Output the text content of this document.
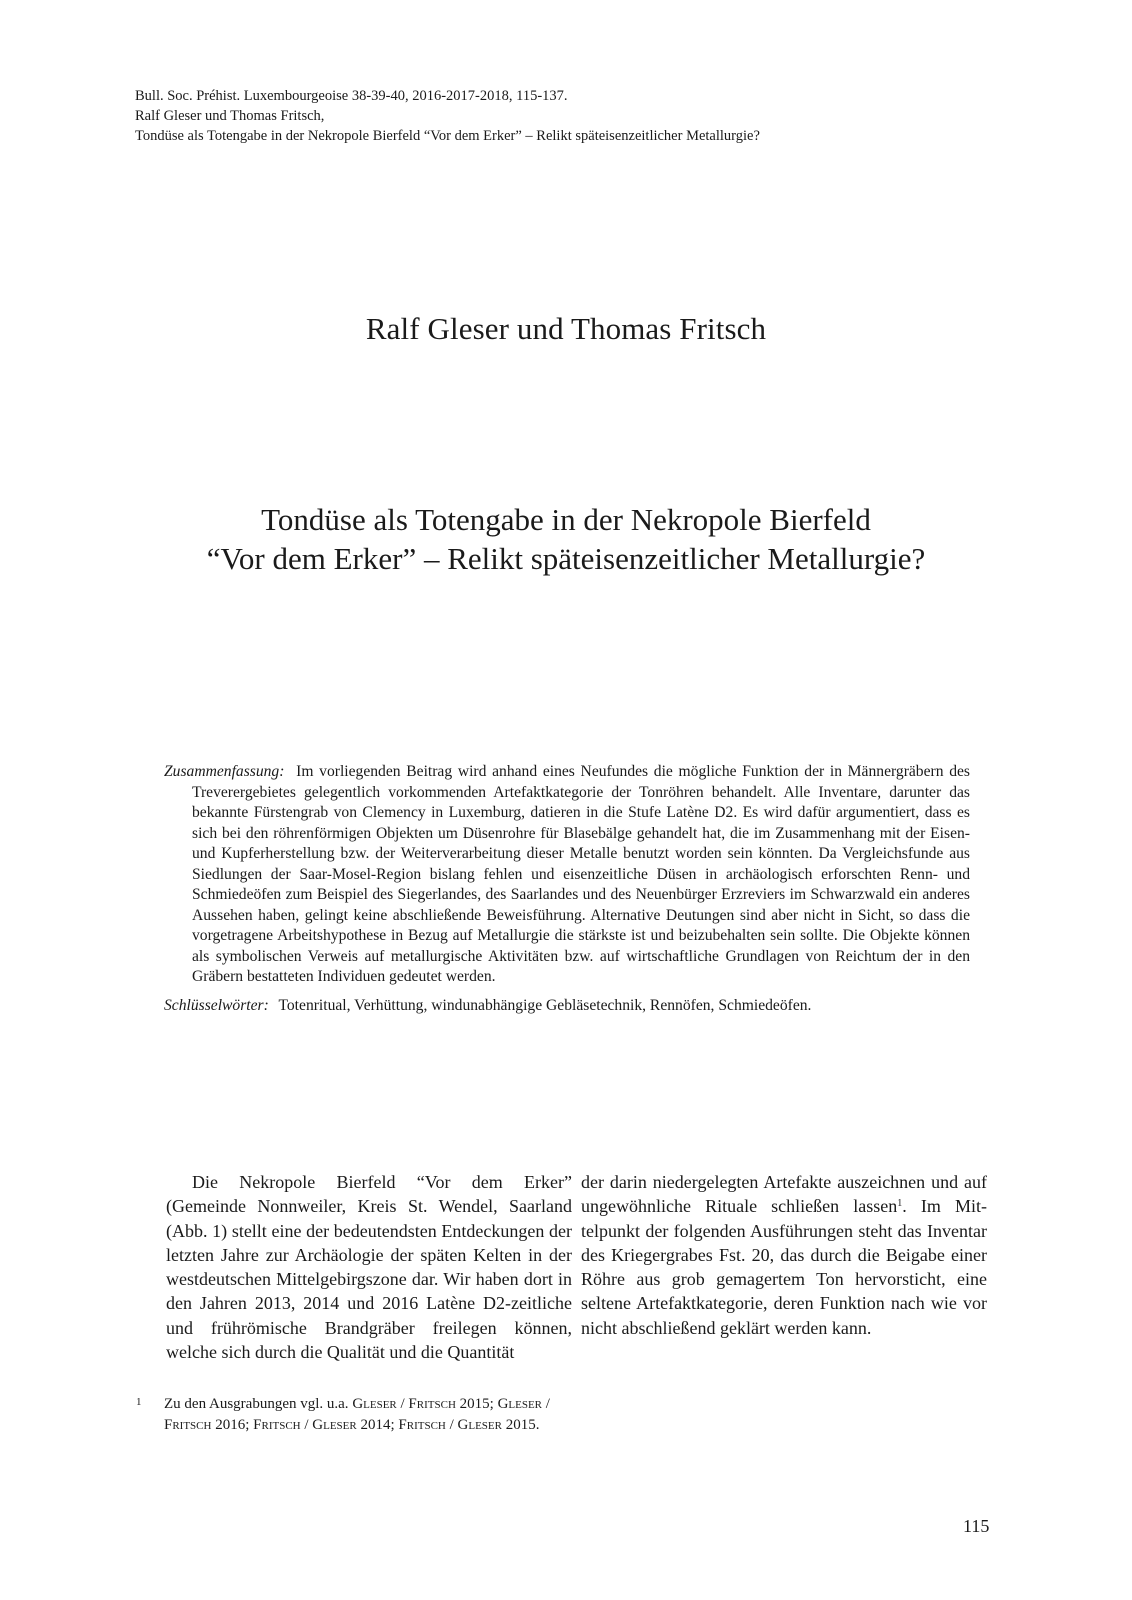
Bull. Soc. Préhist. Luxembourgeoise 38-39-40, 2016-2017-2018, 115-137.
Ralf Gleser und Thomas Fritsch,
Tondüse als Totengabe in der Nekropole Bierfeld “Vor dem Erker” – Relikt späteisenzeitlicher Metallurgie?
Ralf Gleser und Thomas Fritsch
Tondüse als Totengabe in der Nekropole Bierfeld
“Vor dem Erker” – Relikt späteisenzeitlicher Metallurgie?
Zusammenfassung: Im vorliegenden Beitrag wird anhand eines Neufundes die mögliche Funktion der in Männergräbern des Treverergebietes gelegentlich vorkommenden Artefaktkategorie der Tonröhren behandelt. Alle Inventare, darunter das bekannte Fürstengrab von Clemency in Luxemburg, datieren in die Stufe Latène D2. Es wird dafür argumentiert, dass es sich bei den röhrenförmigen Objekten um Düsenrohre für Blasebälge gehandelt hat, die im Zusammenhang mit der Eisen- und Kupferherstellung bzw. der Weiterverarbeitung dieser Metalle benutzt worden sein könnten. Da Vergleichsfunde aus Siedlungen der Saar-Mosel-Region bislang fehlen und eisenzeitliche Düsen in archäologisch erforschten Renn- und Schmiedeöfen zum Beispiel des Siegerlandes, des Saarlandes und des Neuenbürger Erzreviers im Schwarzwald ein anderes Aussehen haben, gelingt keine abschließende Beweisführung. Alternative Deutungen sind aber nicht in Sicht, so dass die vorgetragene Arbeitshypothese in Bezug auf Metallurgie die stärkste ist und beizubehalten sein sollte. Die Objekte können als symbolischen Verweis auf metallurgische Aktivitäten bzw. auf wirtschaftliche Grundlagen von Reichtum der in den Gräbern bestatteten Individuen gedeutet werden.
Schlüsselwörter: Totenritual, Verhüttung, windunabhängige Gebläsetechnik, Rennöfen, Schmiedeöfen.
Die Nekropole Bierfeld “Vor dem Erker” (Gemeinde Nonnweiler, Kreis St. Wendel, Saarland (Abb. 1) stellt eine der bedeutendsten Entdeckungen der letzten Jahre zur Archäologie der späten Kelten in der westdeutschen Mittelgebirgszone dar. Wir haben dort in den Jahren 2013, 2014 und 2016 Latène D2-zeitliche und frührömische Brandgräber freilegen können, welche sich durch die Qualität und die Quantität
der darin niedergelegten Artefakte auszeichnen und auf ungewöhnliche Rituale schließen lassen$^1$. Im Mittelpunkt der folgenden Ausführungen steht das Inventar des Kriegergrabes Fst. 20, das durch die Beigabe einer Röhre aus grob gemagertem Ton hervorsticht, eine seltene Artefaktkategorie, deren Funktion nach wie vor nicht abschließend geklärt werden kann.
1 Zu den Ausgrabungen vgl. u.a. Gleser / Fritsch 2015; Gleser / Fritsch 2016; Fritsch / Gleser 2014; Fritsch / Gleser 2015.
115
